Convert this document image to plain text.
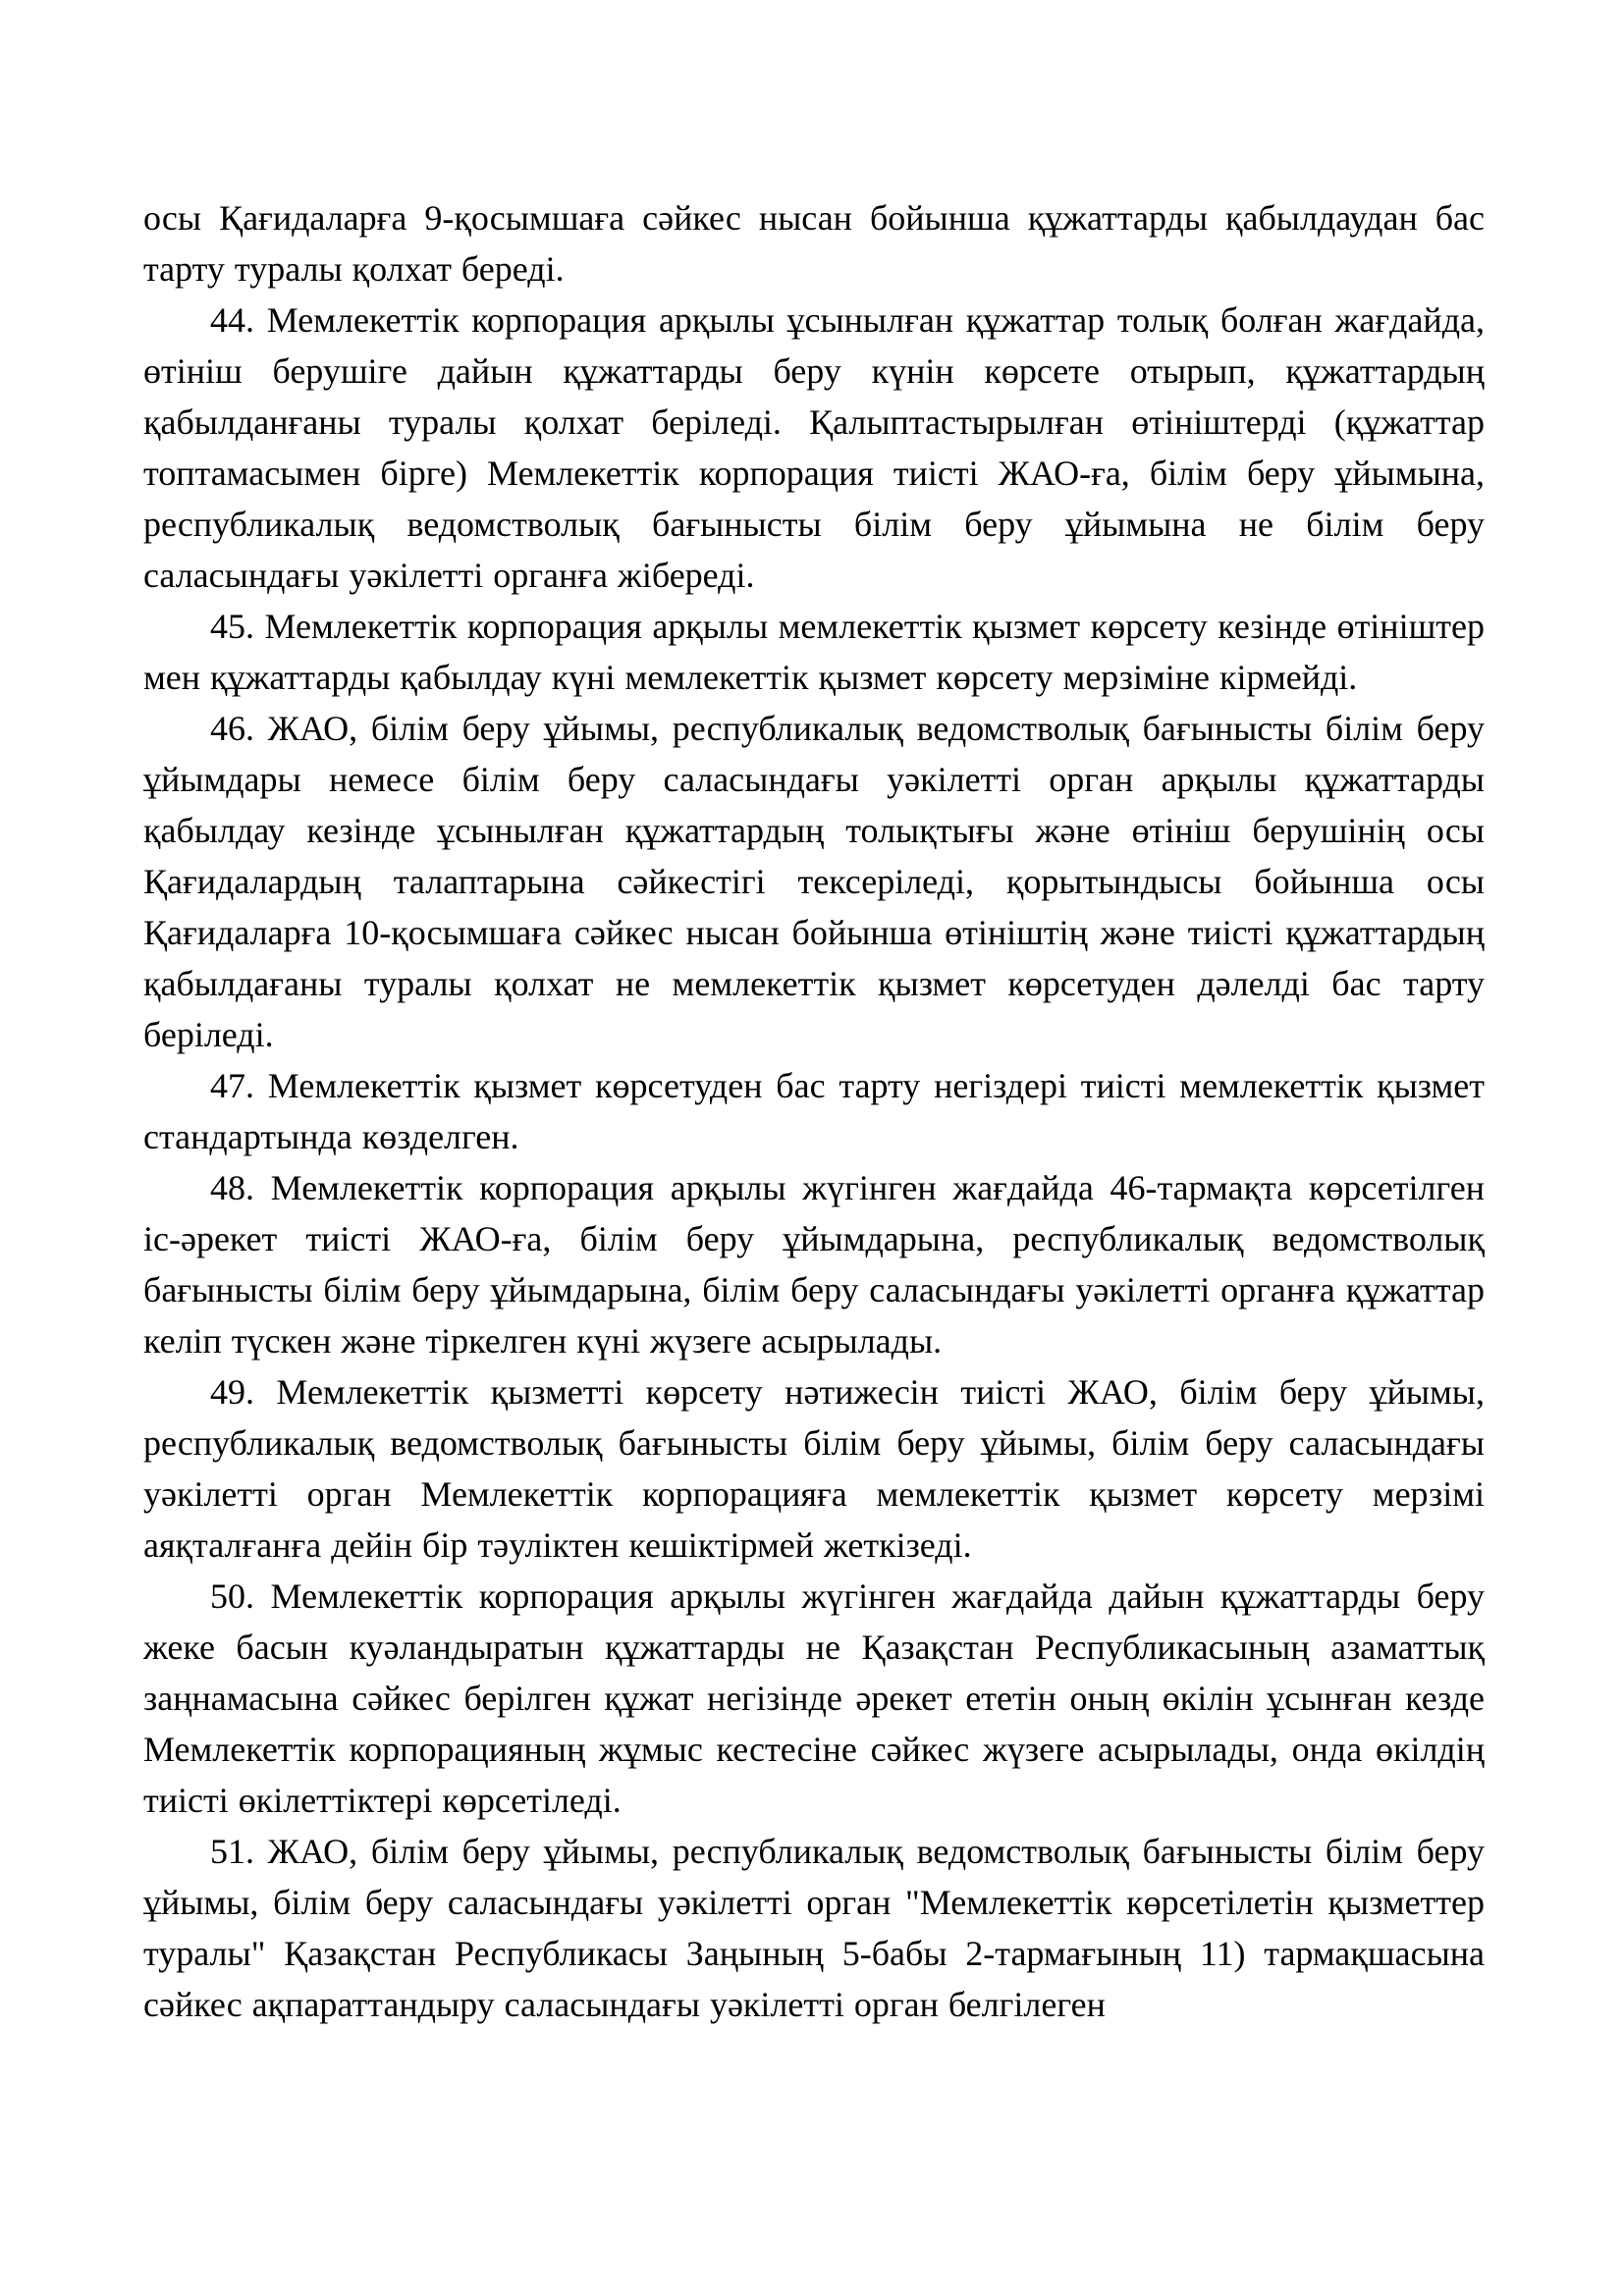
осы Қағидаларға 9-қосымшаға сәйкес нысан бойынша құжаттарды қабылдаудан бас тарту туралы қолхат береді.

44. Мемлекеттік корпорация арқылы ұсынылған құжаттар толық болған жағдайда, өтініш берушіге дайын құжаттарды беру күнін көрсете отырып, құжаттардың қабылданғаны туралы қолхат беріледі. Қалыптастырылған өтініштерді (құжаттар топтамасымен бірге) Мемлекеттік корпорация тиісті ЖАО-ға, білім беру ұйымына, республикалық ведомстволық бағынысты білім беру ұйымына не білім беру саласындағы уәкілетті органға жібереді.

45. Мемлекеттік корпорация арқылы мемлекеттік қызмет көрсету кезінде өтініштер мен құжаттарды қабылдау күні мемлекеттік қызмет көрсету мерзіміне кірмейді.

46. ЖАО, білім беру ұйымы, республикалық ведомстволық бағынысты білім беру ұйымдары немесе білім беру саласындағы уәкілетті орган арқылы құжаттарды қабылдау кезінде ұсынылған құжаттардың толықтығы және өтініш берушінің осы Қағидалардың талаптарына сәйкестігі тексеріледі, қорытындысы бойынша осы Қағидаларға 10-қосымшаға сәйкес нысан бойынша өтініштің және тиісті құжаттардың қабылдағаны туралы қолхат не мемлекеттік қызмет көрсетуден дәлелді бас тарту беріледі.

47. Мемлекеттік қызмет көрсетуден бас тарту негіздері тиісті мемлекеттік қызмет стандартында көзделген.

48. Мемлекеттік корпорация арқылы жүгінген жағдайда 46-тармақта көрсетілген іс-әрекет тиісті ЖАО-ға, білім беру ұйымдарына, республикалық ведомстволық бағынысты білім беру ұйымдарына, білім беру саласындағы уәкілетті органға құжаттар келіп түскен және тіркелген күні жүзеге асырылады.

49. Мемлекеттік қызметті көрсету нәтижесін тиісті ЖАО, білім беру ұйымы, республикалық ведомстволық бағынысты білім беру ұйымы, білім беру саласындағы уәкілетті орган Мемлекеттік корпорацияға мемлекеттік қызмет көрсету мерзімі аяқталғанға дейін бір тәуліктен кешіктірмей жеткізеді.

50. Мемлекеттік корпорация арқылы жүгінген жағдайда дайын құжаттарды беру жеке басын куәландыратын құжаттарды не Қазақстан Республикасының азаматтық заңнамасына сәйкес берілген құжат негізінде әрекет ететін оның өкілін ұсынған кезде Мемлекеттік корпорацияның жұмыс кестесіне сәйкес жүзеге асырылады, онда өкілдің тиісті өкілеттіктері көрсетіледі.

51. ЖАО, білім беру ұйымы, республикалық ведомстволық бағынысты білім беру ұйымы, білім беру саласындағы уәкілетті орган "Мемлекеттік көрсетілетін қызметтер туралы" Қазақстан Республикасы Заңының 5-бабы 2-тармағының 11) тармақшасына сәйкес ақпараттандыру саласындағы уәкілетті орган белгілеген
